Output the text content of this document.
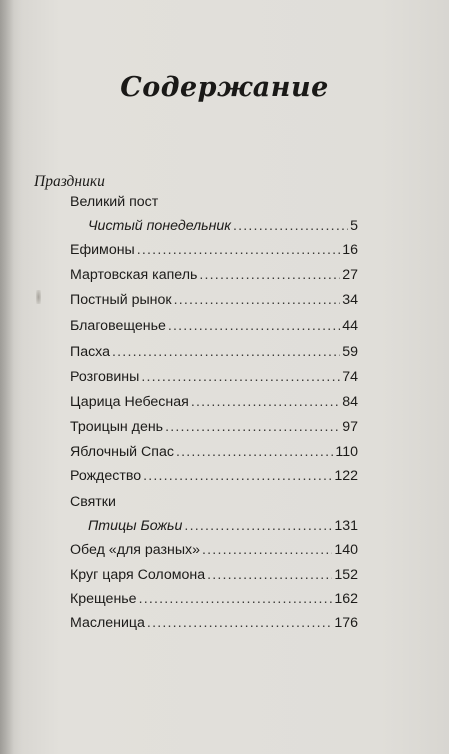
Содержание
Праздники
Великий пост
Чистый понедельник .....	5
Ефимоны .....	16
Мартовская капель .....	27
Постный рынок .....	34
Благовещенье .....	44
Пасха .....	59
Розговины .....	74
Царица Небесная .....	84
Троицын день .....	97
Яблочный Спас .....	110
Рождество .....	122
Святки
Птицы Божьи .....	131
Обед «для разных» .....	140
Круг царя Соломона .....	152
Крещенье .....	162
Масленица .....	176
